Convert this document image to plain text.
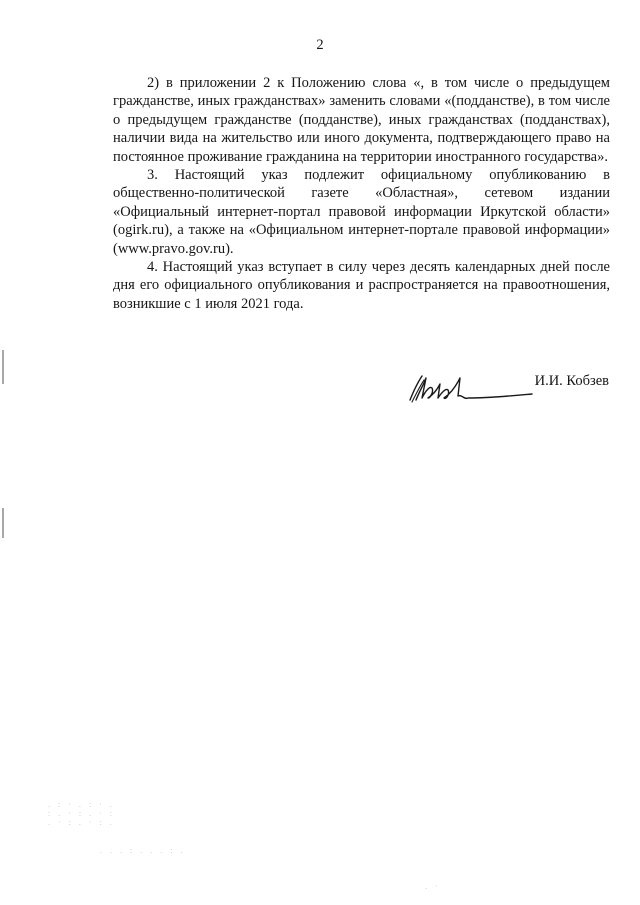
. : · . : · .
: . · : . · :
. · : . · : .
. . . : . . . : .
. ·
2

2) в приложении 2 к Положению слова «, в том числе о предыдущем гражданстве, иных гражданствах» заменить словами «(подданстве), в том числе о предыдущем гражданстве (подданстве), иных гражданствах (подданствах), наличии вида на жительство или иного документа, подтверждающего право на постоянное проживание гражданина на территории иностранного государства».

3. Настоящий указ подлежит официальному опубликованию в общественно-политической газете «Областная», сетевом издании «Официальный интернет-портал правовой информации Иркутской области» (ogirk.ru), а также на «Официальном интернет-портале правовой информации» (www.pravo.gov.ru).

4. Настоящий указ вступает в силу через десять календарных дней после дня его официального опубликования и распространяется на правоотношения, возникшие с 1 июля 2021 года.

И.И. Кобзев
